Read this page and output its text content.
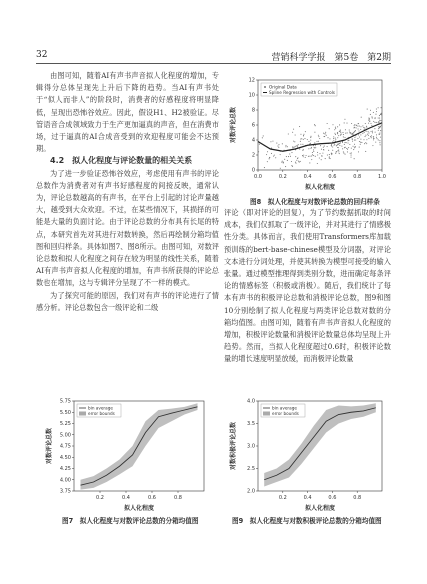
32	营销科学学报　第5卷　第2期

由图可知，随着AI有声书声音拟人化程度的增加，专辑得分总体呈现先上升后下降的趋势。当AI有声书处于“似人而非人”的阶段时，消费者的好感程度将明显降低，呈现出恐怖谷效应。因此，假设H1、H2被验证。尽管语音合成领域致力于生产更加逼真的声音，但在消费市场，过于逼真的AI合成音受到的欢迎程度可能会不达预期。

4.2　拟人化程度与评论数量的相关关系

为了进一步验证恐怖谷效应，考虑使用有声书的评论总数作为消费者对有声书好感程度的间接反映，通常认为，评论总数越高的有声书，在平台上引起的讨论声量越大，越受到大众欢迎。不过，在某些情况下，其损择的可能是大量的负面讨论。由于评论总数的分布具有长尾的特点，本研究首先对其进行对数转换，然后再绘制分箱均值图和回归样条。具体如图7、图8所示。由图可知，对数评论总数和拟人化程度之间存在较为明显的线性关系，随着AI有声书声音拟人化程度的增加，有声书所获得的评论总数也在增加，这与专辑评分呈现了不一样的模式。

为了探究可能的原因，我们对有声书的评论进行了情感分析。评论总数包含一级评论和二级

评论（即对评论的回复），为了节约数据抓取的时间成本，我们仅抓取了一级评论，并对其进行了情感极性分类。具体而言，我们使用Transformers库加载预训练的bert-base-chinese模型及分词器，对评论文本进行分词处理，并使其转换为模型可接受的输入张量。通过模型推理得到类别分数，进而确定每条评论的情感标签（积极或消极）。随后，我们统计了每本有声书的积极评论总数和消极评论总数，图9和图10分别绘制了拟人化程度与两类评论总数对数的分箱均值图。由图可知，随着有声书声音拟人化程度的增加，积极评论数量和消极评论数量总体均呈现上升趋势。然而，当拟人化程度超过0.6时，积极评论数量的增长速度明显放缓，而消极评论数量

0.0	0.2	0.4	0.6	0.8	1.0
0
2
4
6
8
10
12
拟人化程度
对数评论总数
Original Data
Spline Regression with Controls
图8　拟人化程度与对数评论总数的回归样条
0.2	0.4	0.6	0.8
3.75
4.00
4.25
4.50
4.75
5.00
5.25
5.50
5.75
拟人化程度
对数评论总数
bin average
error bounds
图7　拟人化程度与对数评论总数的分箱均值图
0.2	0.4	0.6	0.8
2.0
2.5
3.0
3.5
4.0
拟人化程度
对数积极评论总数
bin average
error bounds
图9　拟人化程度与对数积极评论总数的分箱均值图
